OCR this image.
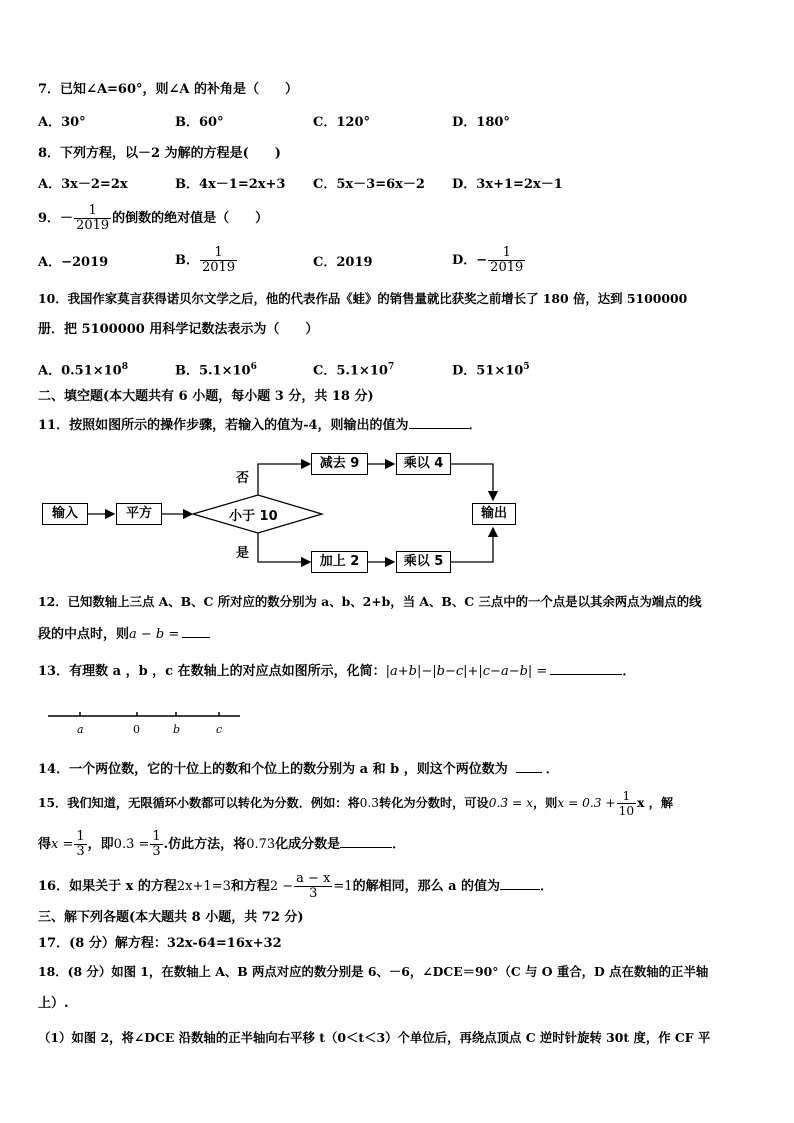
7．已知∠A=60°，则∠A 的补角是（　　）
A．30°	B．60°	C．120°	D．180°
8．下列方程，以－2 为解的方程是(　　)
A．3x－2=2x	B．4x－1=2x+3 C．5x－3=6x－2 D．3x+1=2x－1
9．－ $\frac{1}{2019}$ 的倒数的绝对值是（　　）
A．−2019	B． $\frac{1}{2019}$	C．2019	D．− $\frac{1}{2019}$
10．我国作家莫言获得诺贝尔文学之后，他的代表作品《蛙》的销售量就比获奖之前增长了 180 倍，达到 5100000
册．把 5100000 用科学记数法表示为（　　）
A．$0.51\times 10^8$	B．$5.1\times 10^6$	C．$5.1\times 10^7$	D．$51\times 10^5$
二、填空题(本大题共有 6 小题，每小题 3 分，共 18 分)
11．按照如图所示的操作步骤，若输入的值为-4，则输出的值为	．
输入	平方	小于 10
否
是
减去 9	乘以 4
加上 2	乘以 5
输出
12．已知数轴上三点 A、B、C 所对应的数分别为 a、b、2+b，当 A、B、C 三点中的一个点是以其余两点为端点的线
段的中点时，则a − b =
13．有理数 a ，b ，c 在数轴上的对应点如图所示，化简：|a+b|−|b−c|+|c−a−b| =	．
a	0	b	c
14．一个两位数，它的十位上的数和个位上的数分别为 a 和 b ，则这个两位数为	．
15．我们知道，无限循环小数都可以转化为分数．例如：将0.3̇转化为分数时，可设0.3̇ = x，则$x = 0.3 + \frac{1}{10}$ x ，解
得$x = \frac{1}{3}$ ，即0.3̇ = $\frac{1}{3}$ .仿此方法，将0.7̇3̇化成分数是	．
16．如果关于 x 的方程2x+1=3和方程$2 - \frac{a - x}{3} =1$的解相同，那么 a 的值为	．
三、解下列各题(本大题共 8 小题，共 72 分)
17．(8 分）解方程：32x-64=16x+32
18．(8 分）如图 1，在数轴上 A、B 两点对应的数分别是 6、－6，∠DCE＝90°（C 与 O 重合，D 点在数轴的正半轴
上）.
（1）如图 2，将∠DCE 沿数轴的正半轴向右平移 t（0＜t＜3）个单位后，再绕点顶点 C 逆时针旋转 30t 度，作 CF 平
